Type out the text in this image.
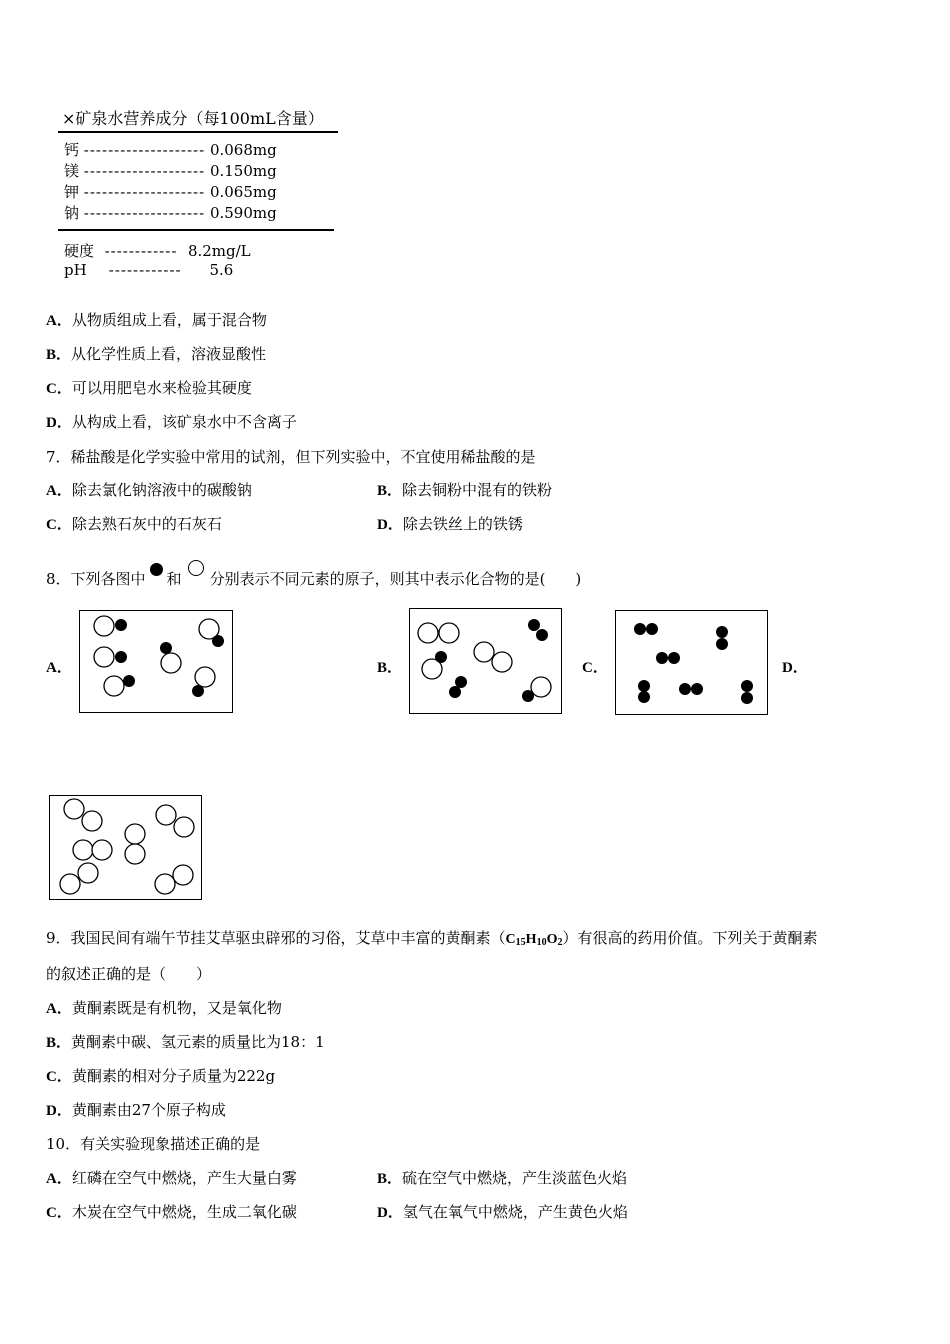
×矿泉水营养成分（每100mL含量）
钙 -------------------- 0.068mg
镁 -------------------- 0.150mg
钾 -------------------- 0.065mg
钠 -------------------- 0.590mg
硬度  ------------  8.2mg/L
pH    ------------     5.6
A．从物质组成上看，属于混合物
B．从化学性质上看，溶液显酸性
C．可以用肥皂水来检验其硬度
D．从构成上看，该矿泉水中不含离子
7．稀盐酸是化学实验中常用的试剂，但下列实验中，不宜使用稀盐酸的是
A．除去氯化钠溶液中的碳酸钠	B．除去铜粉中混有的铁粉
C．除去熟石灰中的石灰石	D．除去铁丝上的铁锈
8．下列各图中 和 分别表示不同元素的原子，则其中表示化合物的是(　　)
A．	B．	C．	D．
9．我国民间有端午节挂艾草驱虫辟邪的习俗，艾草中丰富的黄酮素$(C_{15}H_{10}O_2)$有很高的药用价值。下列关于黄酮素
的叙述正确的是（　　）
A．黄酮素既是有机物，又是氧化物
B．黄酮素中碳、氢元素的质量比为18：1
C．黄酮素的相对分子质量为222g
D．黄酮素由27个原子构成
10．有关实验现象描述正确的是
A．红磷在空气中燃烧，产生大量白雾	B．硫在空气中燃烧，产生淡蓝色火焰
C．木炭在空气中燃烧，生成二氧化碳	D．氢气在氧气中燃烧，产生黄色火焰
